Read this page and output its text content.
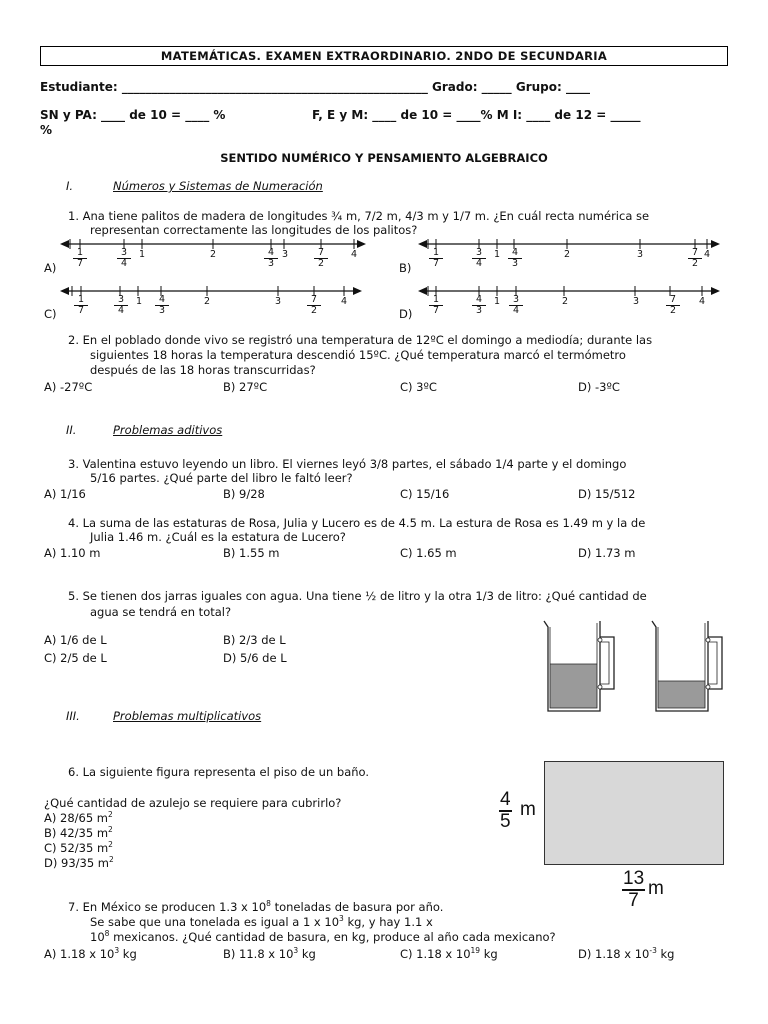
MATEMÁTICAS. EXAMEN EXTRAORDINARIO. 2NDO DE SECUNDARIA
Estudiante: ___________________________________________________ Grado: _____ Grupo: ____
SN y PA: ____ de 10 = ____ %	F, E y M: ____ de 10 = ____% M I: ____ de 12 = _____
%
SENTIDO NUMÉRICO Y PENSAMIENTO ALGEBRAICO
I.	Números y Sistemas de Numeración
1. Ana tiene palitos de madera de longitudes ¾ m, 7/2 m, 4/3 m y 1/7 m. ¿En cuál recta numérica se
representan correctamente las longitudes de los palitos?
$A) \frac{1}{7}$	$\frac{3}{4} 1$	2	$\frac{4}{3} 3$	$\frac{7}{2} 4$
$B) \frac{1}{7}$	$\frac{3}{4} 1 \frac{4}{3}$	2	3	$\frac{7}{2} 4$
$C) \frac{1}{7}$	$\frac{3}{4} 1 \frac{4}{3}$	2	3	$\frac{7}{2} 4$
$D) \frac{1}{7}$	$\frac{4}{3} 1 \frac{3}{4}$	2	3	$\frac{7}{2} 4$
2. En el poblado donde vivo se registró una temperatura de 12ºC el domingo a mediodía; durante las
siguientes 18 horas la temperatura descendió 15ºC. ¿Qué temperatura marcó el termómetro
después de las 18 horas transcurridas?
A) -27ºC	B) 27ºC	C) 3ºC	D) -3ºC
II.	Problemas aditivos
3. Valentina estuvo leyendo un libro. El viernes leyó 3/8 partes, el sábado 1/4 parte y el domingo
5/16 partes. ¿Qué parte del libro le faltó leer?
A) 1/16	B) 9/28	C) 15/16	D) 15/512
4. La suma de las estaturas de Rosa, Julia y Lucero es de 4.5 m. La estura de Rosa es 1.49 m y la de
Julia 1.46 m. ¿Cuál es la estatura de Lucero?
A) 1.10 m	B) 1.55 m	C) 1.65 m	D) 1.73 m
5. Se tienen dos jarras iguales con agua. Una tiene ½ de litro y la otra 1/3 de litro: ¿Qué cantidad de
agua se tendrá en total?
A) 1/6 de L	B) 2/3 de L
C) 2/5 de L	D) 5/6 de L
III.	Problemas multiplicativos
6. La siguiente figura representa el piso de un baño.
¿Qué cantidad de azulejo se requiere para cubrirlo?
A) 28/65 $m^2$
B) 42/35 $m^2$
C) 52/35 $m^2$
D) 93/35 $m^2$
$\frac{4}{5}$ m
$\frac{13}{7}$ m
7. En México se producen 1.3 x $10^8$ toneladas de basura por año.
Se sabe que una tonelada es igual a 1 x $10^3$ kg, y hay 1.1 x
$10^8$ mexicanos. ¿Qué cantidad de basura, en kg, produce al año cada mexicano?
A) 1.18 x $10^3$ kg	B) 11.8 x $10^3$ kg	C) 1.18 x $10^{19}$ kg	D) 1.18 x $10^{-3}$ kg
